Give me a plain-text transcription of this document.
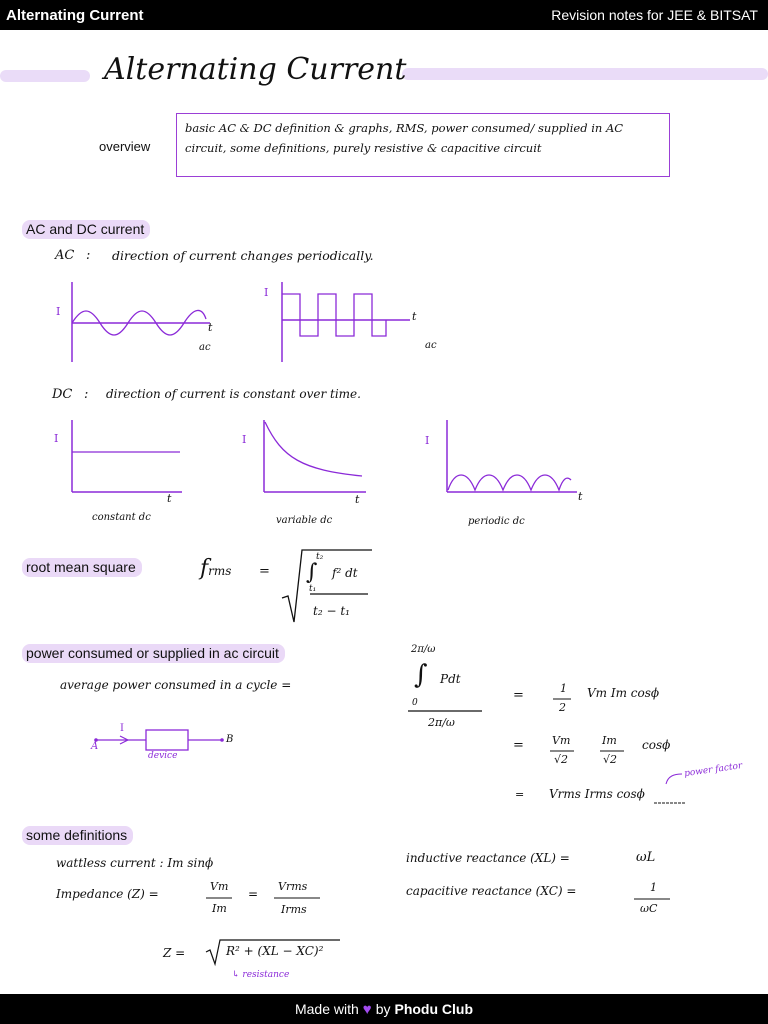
Alternating Current	Revision notes for JEE & BITSAT
Alternating Current
overview
basic AC & DC definition & graphs, RMS, power consumed/ supplied in AC circuit, some definitions, purely resistive & capacitive circuit
AC and DC current
AC : direction of current changes periodically.
I
t
ac
I
t
ac
DC : direction of current is constant over time.
I
t
constant dc
I
t
variable dc
I
t
periodic dc
root mean square	frms =
t₂
∫
t₁
f² dt
t₂ − t₁
power consumed or supplied in ac circuit
average power consumed in a cycle =
2π/ω
∫
0
Pdt
2π/ω
=	1
2
Vm Im cosϕ
=	Vm
√2
Im
√2
cosϕ
= Vrms Irms cosϕ
power factor
I
A
B
device
some definitions
wattless current : Im sinϕ
Impedance (Z) =
Vm
Im
=
Vrms
Irms
Z =	R² + (XL − XC)²
↳ resistance
inductive reactance (XL) =	ωL
capacitive reactance (XC) =	1
ωC
Made with ♥ by Phodu Club
